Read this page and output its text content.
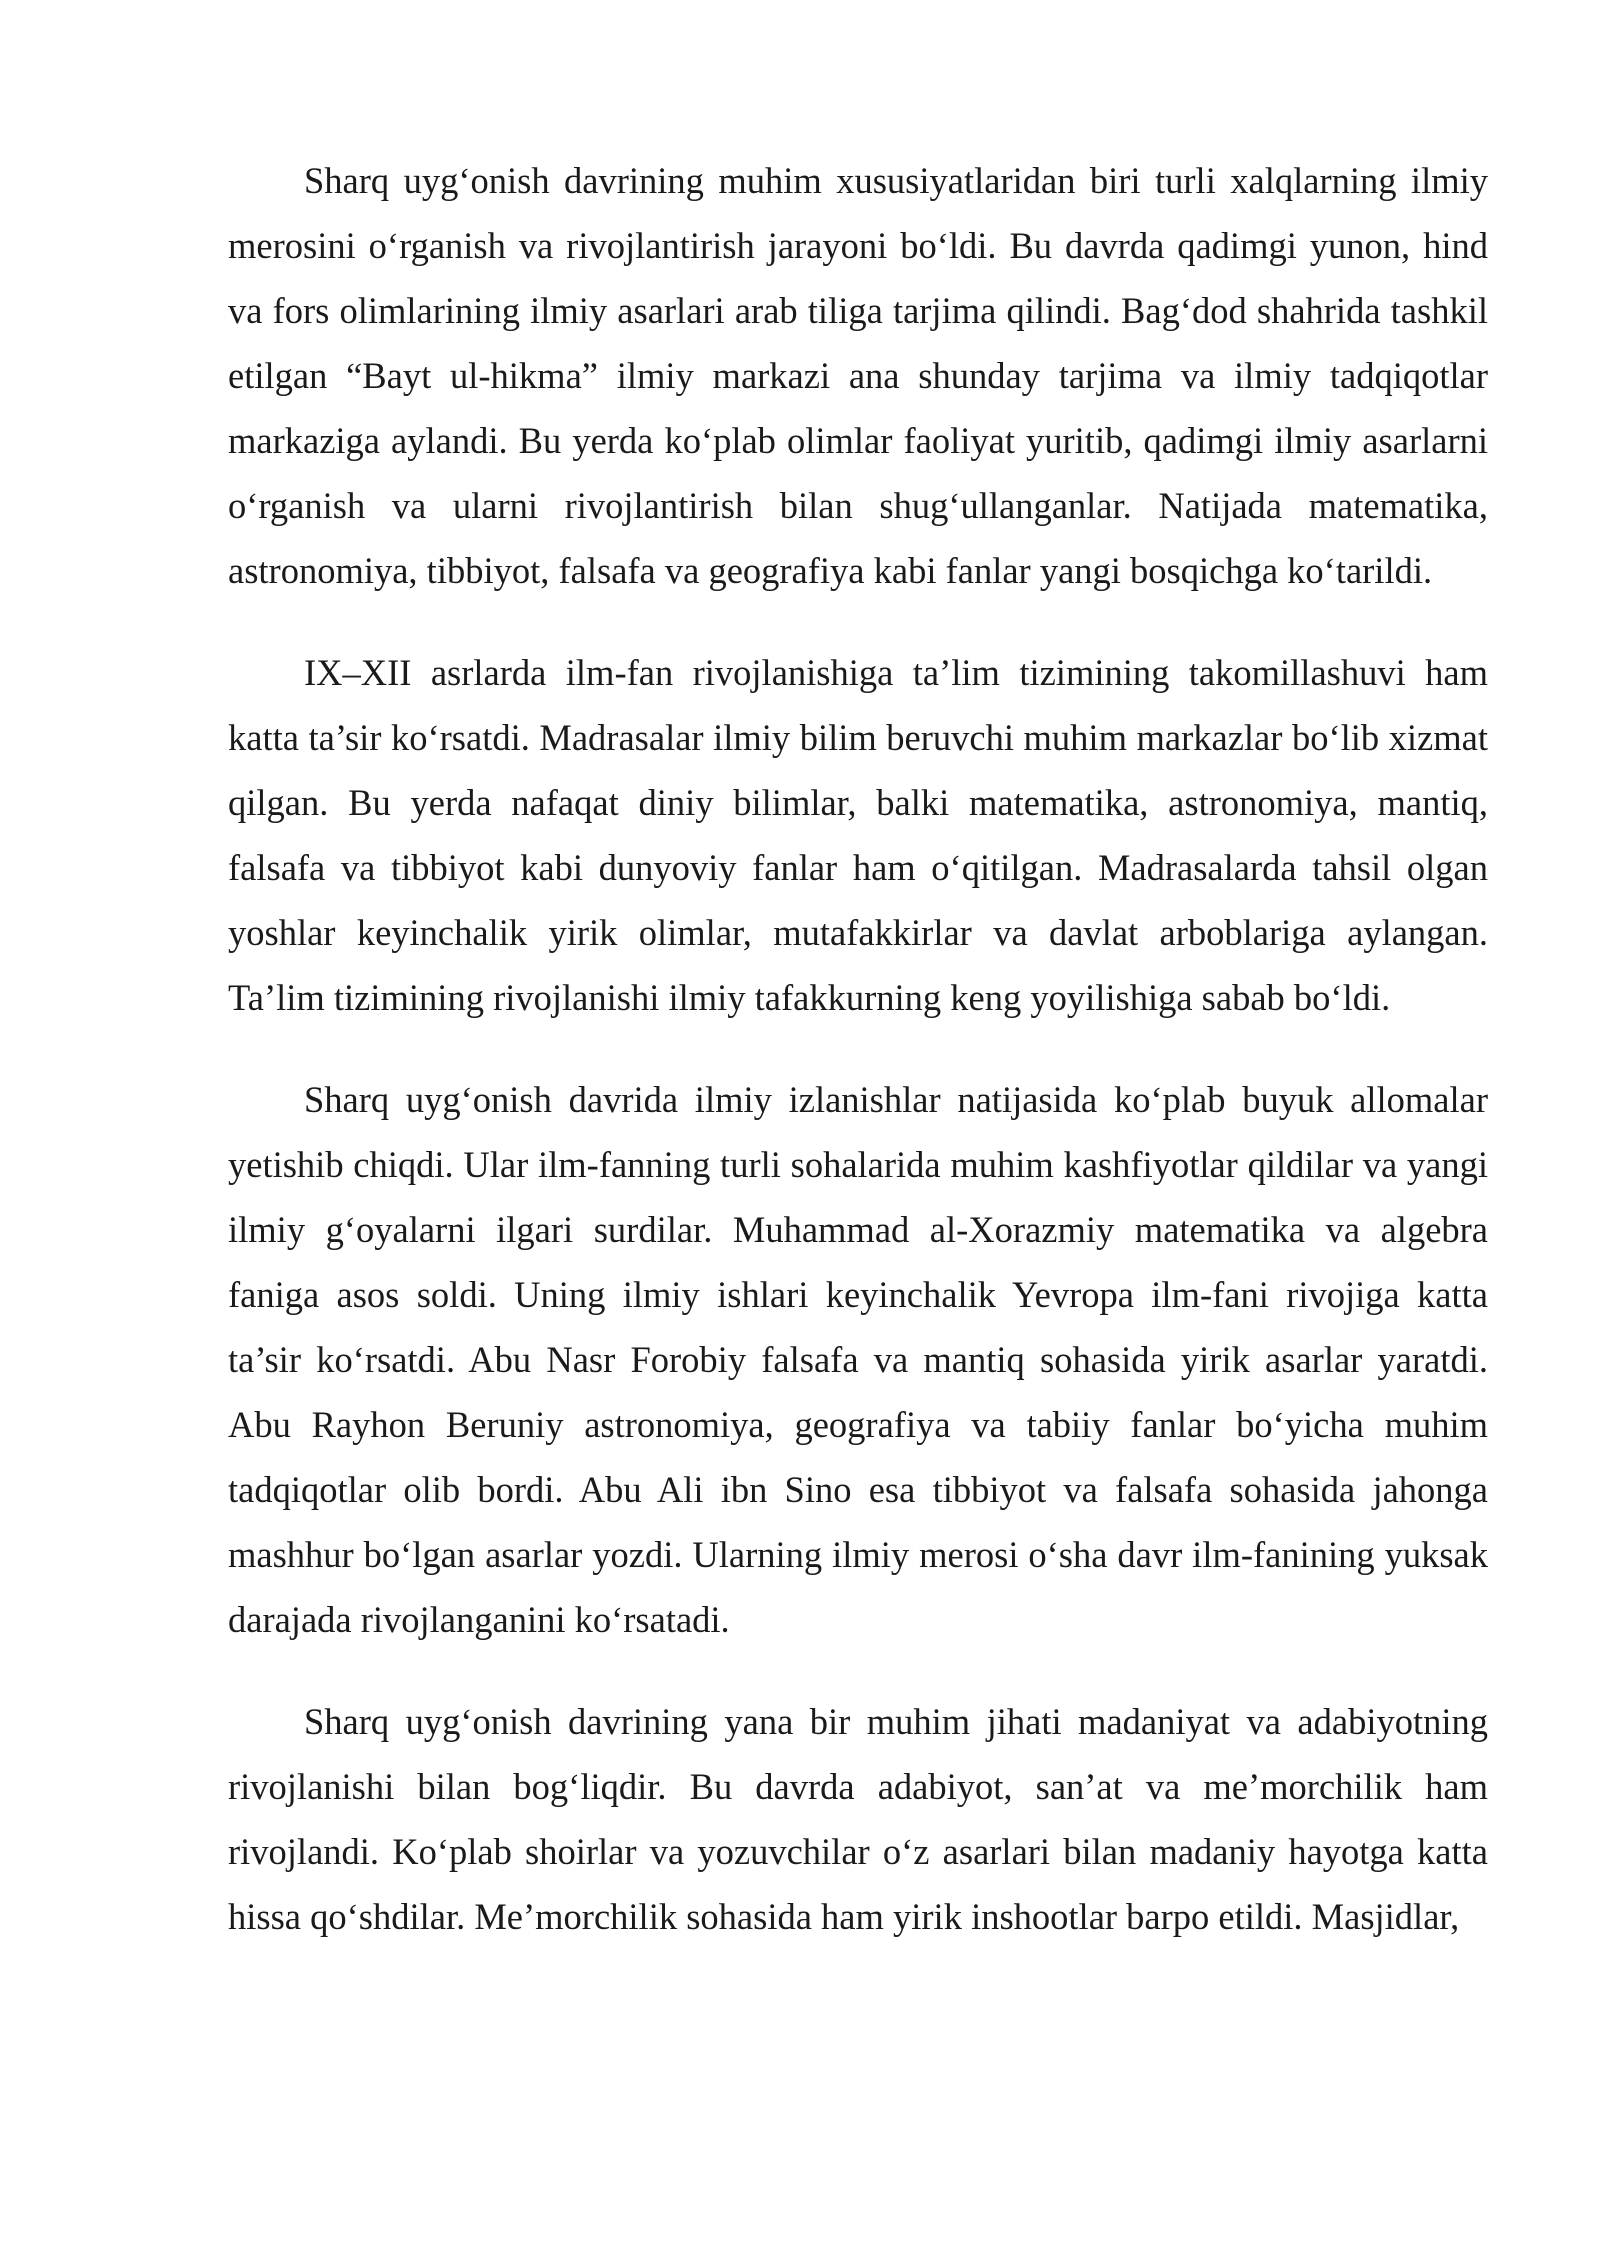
Sharq uyg‘onish davrining muhim xususiyatlaridan biri turli xalqlarning ilmiy merosini o‘rganish va rivojlantirish jarayoni bo‘ldi. Bu davrda qadimgi yunon, hind va fors olimlarining ilmiy asarlari arab tiliga tarjima qilindi. Bag‘dod shahrida tashkil etilgan “Bayt ul-hikma” ilmiy markazi ana shunday tarjima va ilmiy tadqiqotlar markaziga aylandi. Bu yerda ko‘plab olimlar faoliyat yuritib, qadimgi ilmiy asarlarni o‘rganish va ularni rivojlantirish bilan shug‘ullanganlar. Natijada matematika, astronomiya, tibbiyot, falsafa va geografiya kabi fanlar yangi bosqichga ko‘tarildi.

IX–XII asrlarda ilm-fan rivojlanishiga ta’lim tizimining takomillashuvi ham katta ta’sir ko‘rsatdi. Madrasalar ilmiy bilim beruvchi muhim markazlar bo‘lib xizmat qilgan. Bu yerda nafaqat diniy bilimlar, balki matematika, astronomiya, mantiq, falsafa va tibbiyot kabi dunyoviy fanlar ham o‘qitilgan. Madrasalarda tahsil olgan yoshlar keyinchalik yirik olimlar, mutafakkirlar va davlat arboblariga aylangan. Ta’lim tizimining rivojlanishi ilmiy tafakkurning keng yoyilishiga sabab bo‘ldi.

Sharq uyg‘onish davrida ilmiy izlanishlar natijasida ko‘plab buyuk allomalar yetishib chiqdi. Ular ilm-fanning turli sohalarida muhim kashfiyotlar qildilar va yangi ilmiy g‘oyalarni ilgari surdilar. Muhammad al-Xorazmiy matematika va algebra faniga asos soldi. Uning ilmiy ishlari keyinchalik Yevropa ilm-fani rivojiga katta ta’sir ko‘rsatdi. Abu Nasr Forobiy falsafa va mantiq sohasida yirik asarlar yaratdi. Abu Rayhon Beruniy astronomiya, geografiya va tabiiy fanlar bo‘yicha muhim tadqiqotlar olib bordi. Abu Ali ibn Sino esa tibbiyot va falsafa sohasida jahonga mashhur bo‘lgan asarlar yozdi. Ularning ilmiy merosi o‘sha davr ilm-fanining yuksak darajada rivojlanganini ko‘rsatadi.

Sharq uyg‘onish davrining yana bir muhim jihati madaniyat va adabiyotning rivojlanishi bilan bog‘liqdir. Bu davrda adabiyot, san’at va me’morchilik ham rivojlandi. Ko‘plab shoirlar va yozuvchilar o‘z asarlari bilan madaniy hayotga katta hissa qo‘shdilar. Me’morchilik sohasida ham yirik inshootlar barpo etildi. Masjidlar,
